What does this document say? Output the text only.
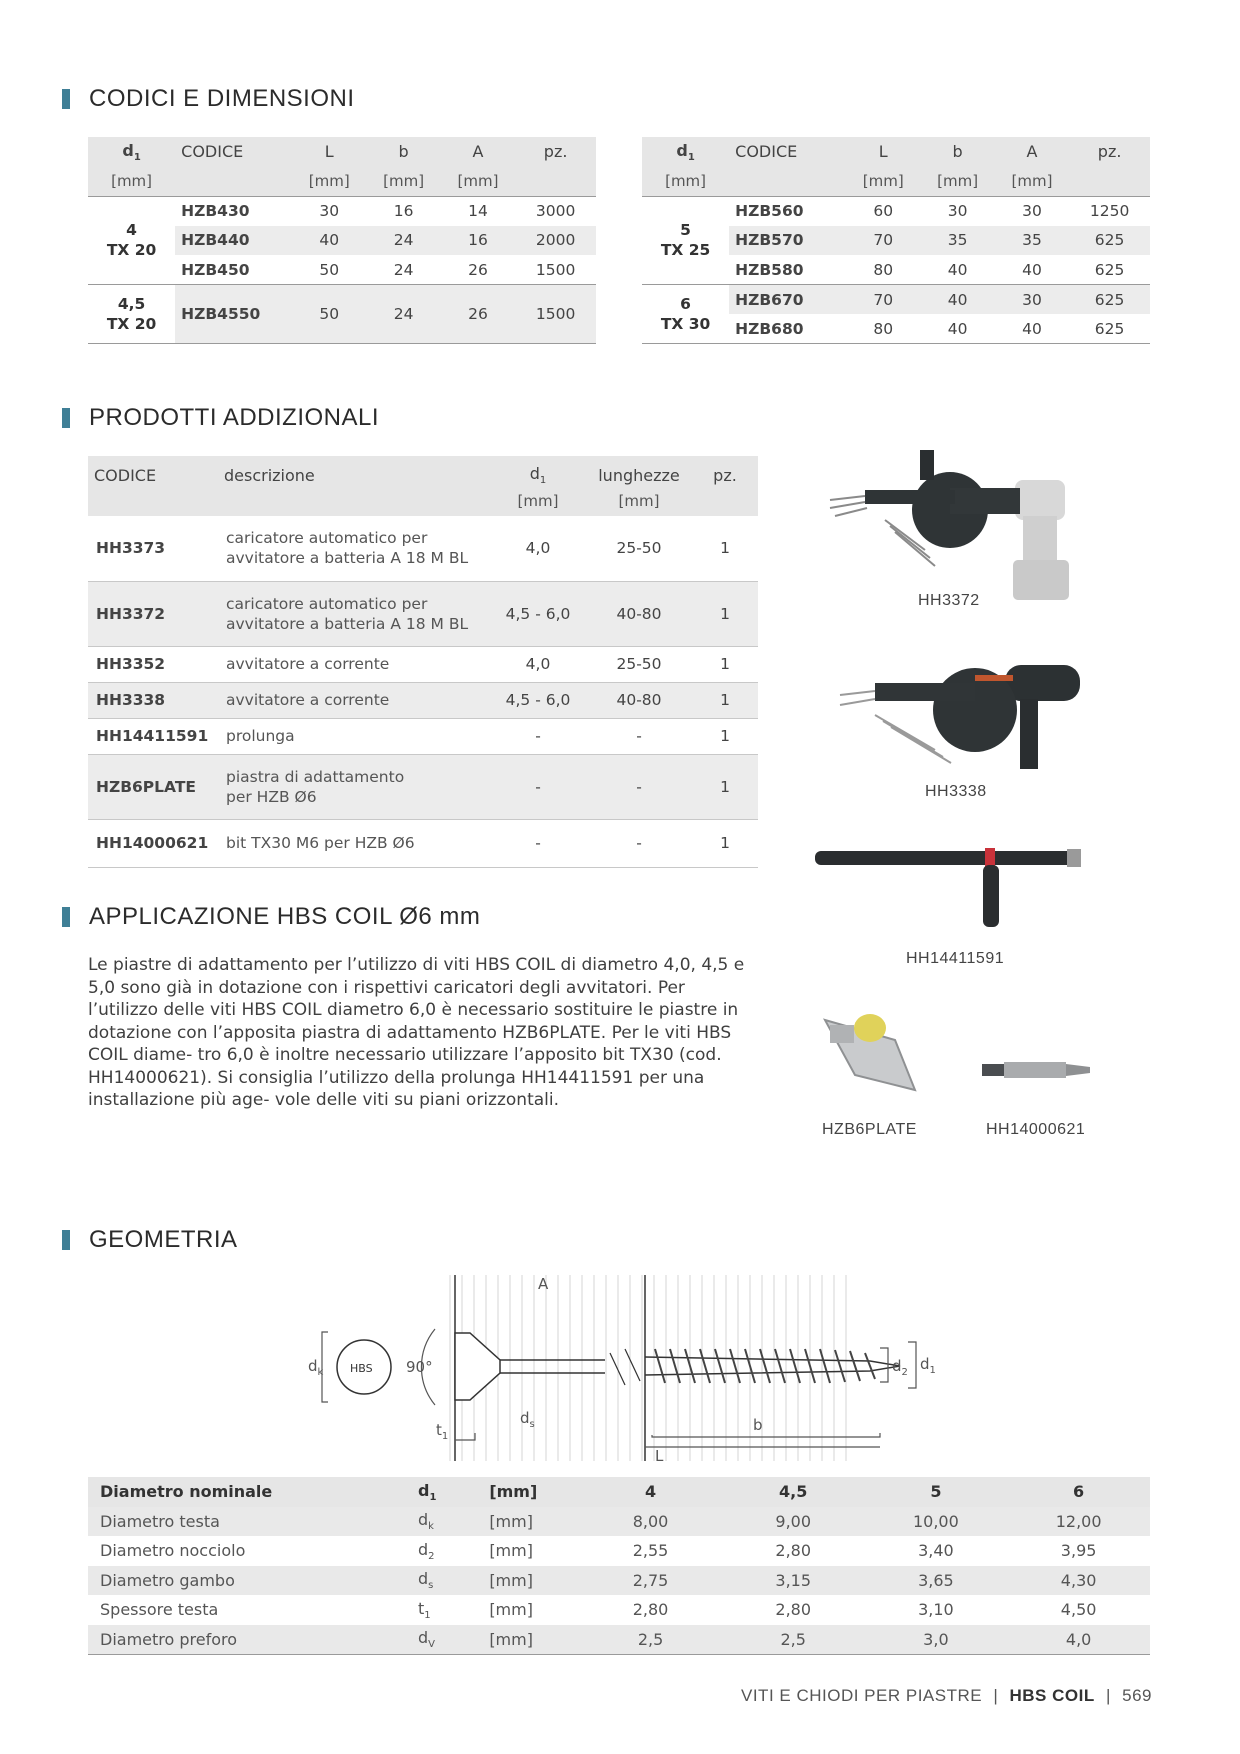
CODICI E DIMENSIONI
$d_1$	CODICE	L	b	A	pz.
[mm]		[mm]	[mm]	[mm]	
4
TX 20	HZB430	30	16	14	3000
	HZB440	40	24	16	2000
	HZB450	50	24	26	1500
4,5
TX 20	HZB4550	50	24	26	1500
$d_1$	CODICE	L	b	A	pz.
[mm]		[mm]	[mm]	[mm]	
5
TX 25	HZB560	60	30	30	1250
	HZB570	70	35	35	625
	HZB580	80	40	40	625
6
TX 30	HZB670	70	40	30	625
	HZB680	80	40	40	625
PRODOTTI ADDIZIONALI
CODICE	descrizione	$d_1$	lunghezze	pz.
		[mm]	[mm]	
HH3373	caricatore automatico per
avvitatore a batteria A 18 M BL	4,0	25-50	1
HH3372	caricatore automatico per
avvitatore a batteria A 18 M BL	4,5 - 6,0	40-80	1
HH3352	avvitatore a corrente	4,0	25-50	1
HH3338	avvitatore a corrente	4,5 - 6,0	40-80	1
HH14411591	prolunga	-	-	1
HZB6PLATE	piastra di adattamento
per HZB Ø6	-	-	1
HH14000621	bit TX30 M6 per HZB Ø6	-	-	1
HH3372
HH3338
HH14411591
HZB6PLATE	HH14000621
APPLICAZIONE HBS COIL Ø6 mm
Le piastre di adattamento per l’utilizzo di viti HBS COIL di diametro 4,0, 4,5 e 5,0 sono già in dotazione con i rispettivi caricatori degli avvitatori. Per l’utilizzo delle viti HBS COIL diametro 6,0 è necessario sostituire le piastre in dotazione con l’apposita piastra di adattamento HZB6PLATE. Per le viti HBS COIL diame- tro 6,0 è inoltre necessario utilizzare l’apposito bit TX30 (cod. HH14000621). Si consiglia l’utilizzo della prolunga HH14411591 per una installazione più age- vole delle viti su piani orizzontali.
GEOMETRIA
HBS
$d_k$	90°
A
$d_s$
$t_1$
b
L
$d_2$ $d_1$
Diametro nominale	$d_1$	[mm]	4	4,5	5	6
Diametro testa	$d_k$	[mm]	8,00	9,00	10,00	12,00
Diametro nocciolo	$d_2$	[mm]	2,55	2,80	3,40	3,95
Diametro gambo	$d_s$	[mm]	2,75	3,15	3,65	4,30
Spessore testa	$t_1$	[mm]	2,80	2,80	3,10	4,50
Diametro preforo	$d_V$	[mm]	2,5	2,5	3,0	4,0
VITI E CHIODI PER PIASTRE | HBS COIL | 569
